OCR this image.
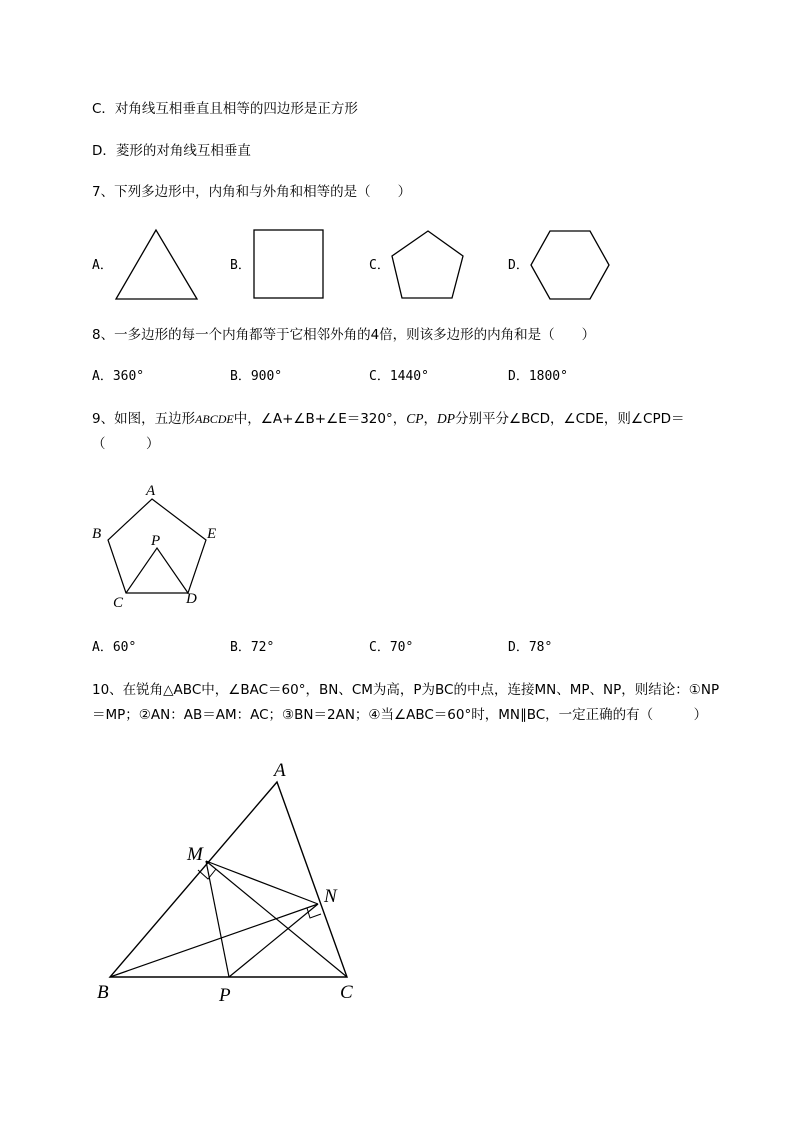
C．对角线互相垂直且相等的四边形是正方形
D．菱形的对角线互相垂直
7、下列多边形中，内角和与外角和相等的是（　　）
A．	B．	C．	D．
8、一多边形的每一个内角都等于它相邻外角的4倍，则该多边形的内角和是（　　）
A．360°	B．900°	C．1440°	D．1800°
9、如图，五边形ABCDE中，∠A+∠B+∠E＝320°，CP，DP分别平分∠BCD，∠CDE，则∠CPD＝
（　　　）
A
B
C	D
E
P
A．60°	B．72°	C．70°	D．78°
10、在锐角△ABC中，∠BAC＝60°，BN、CM为高，P为BC的中点，连接MN、MP、NP，则结论：①NP
＝MP；②AN：AB＝AM：AC；③BN＝2AN；④当∠ABC＝60°时，MN∥BC，一定正确的有（　　　）
A
M
N
B	P	C
